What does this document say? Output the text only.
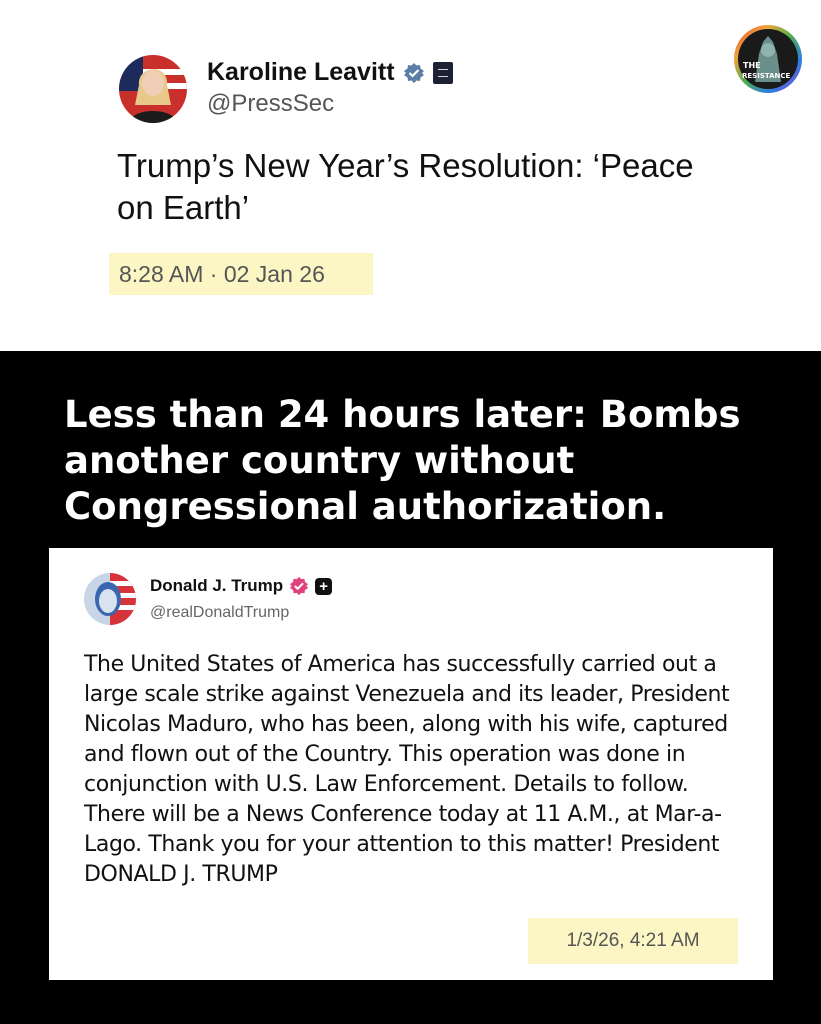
Karoline Leavitt
@PressSec
Trump’s New Year’s Resolution: ‘Peace on Earth’
8:28 AM · 02 Jan 26
THE
RESISTANCE
Less than 24 hours later: Bombs another country without Congressional authorization.
Donald J. Trump +
@realDonaldTrump
The United States of America has successfully carried out a large scale strike against Venezuela and its leader, President Nicolas Maduro, who has been, along with his wife, captured and flown out of the Country. This operation was done in conjunction with U.S. Law Enforcement. Details to follow. There will be a News Conference today at 11 A.M., at Mar-a-Lago. Thank you for your attention to this matter! President DONALD J. TRUMP
1/3/26, 4:21 AM
